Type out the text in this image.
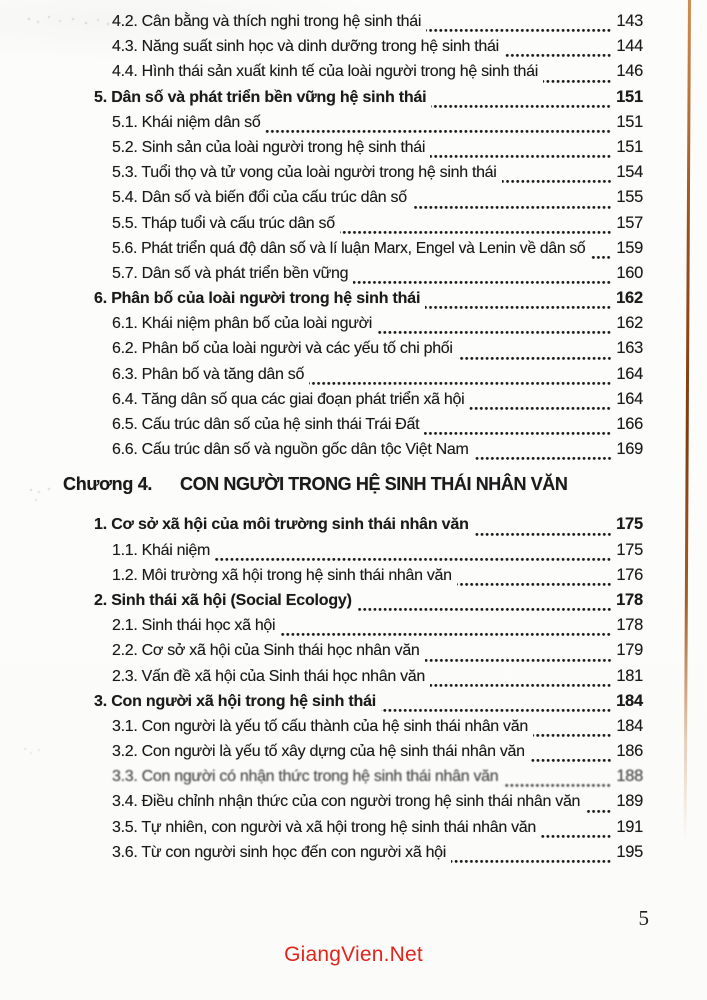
4.2. Cân bằng và thích nghi trong hệ sinh thái	143
4.3. Năng suất sinh học và dinh dưỡng trong hệ sinh thái	144
4.4. Hình thái sản xuất kinh tế của loài người trong hệ sinh thái	146
5. Dân số và phát triển bền vững hệ sinh thái	151
5.1. Khái niệm dân số	151
5.2. Sinh sản của loài người trong hệ sinh thái	151
5.3. Tuổi thọ và tử vong của loài người trong hệ sinh thái	154
5.4. Dân số và biến đổi của cấu trúc dân số	155
5.5. Tháp tuổi và cấu trúc dân số	157
5.6. Phát triển quá độ dân số và lí luận Marx, Engel và Lenin về dân số 159
5.7. Dân số và phát triển bền vững	160
6. Phân bố của loài người trong hệ sinh thái	162
6.1. Khái niệm phân bố của loài người	162
6.2. Phân bố của loài người và các yếu tố chi phối	163
6.3. Phân bố và tăng dân số	164
6.4. Tăng dân số qua các giai đoạn phát triển xã hội	164
6.5. Cấu trúc dân số của hệ sinh thái Trái Đất	166
6.6. Cấu trúc dân số và nguồn gốc dân tộc Việt Nam	169
Chương 4.	CON NGƯỜI TRONG HỆ SINH THÁI NHÂN VĂN
1. Cơ sở xã hội của môi trường sinh thái nhân văn	175
1.1. Khái niệm	175
1.2. Môi trường xã hội trong hệ sinh thái nhân văn	176
2. Sinh thái xã hội (Social Ecology)	178
2.1. Sinh thái học xã hội	178
2.2. Cơ sở xã hội của Sinh thái học nhân văn	179
2.3. Vấn đề xã hội của Sinh thái học nhân văn	181
3. Con người xã hội trong hệ sinh thái	184
3.1. Con người là yếu tố cấu thành của hệ sinh thái nhân văn	184
3.2. Con người là yếu tố xây dựng của hệ sinh thái nhân văn	186
3.3. Con người có nhận thức trong hệ sinh thái nhân văn	188
3.4. Điều chỉnh nhận thức của con người trong hệ sinh thái nhân văn 189
3.5. Tự nhiên, con người và xã hội trong hệ sinh thái nhân văn	191
3.6. Từ con người sinh học đến con người xã hội	195
5
GiangVien.Net
